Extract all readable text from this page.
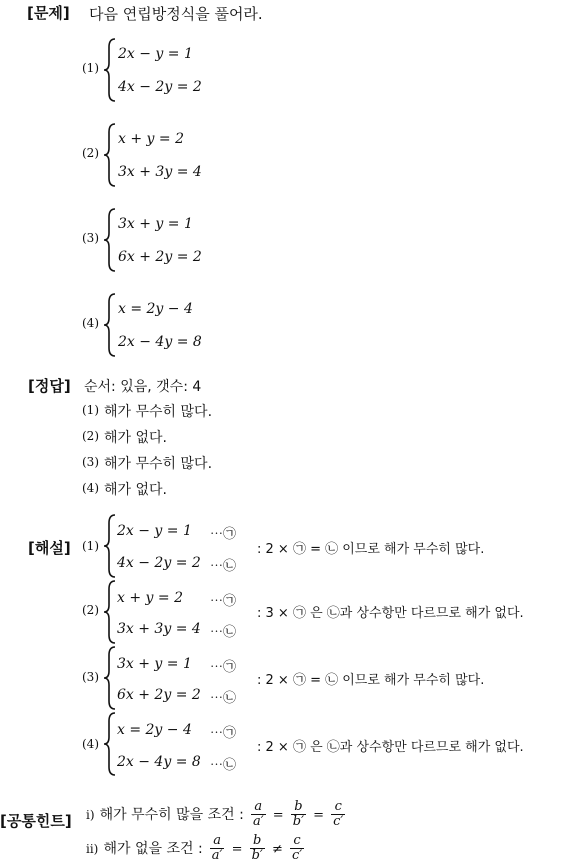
[문제] 다음 연립방정식을 풀어라.
(1)
2x − y = 1
4x − 2y = 2
(2)
x + y = 2
3x + 3y = 4
(3)
3x + y = 1
6x + 2y = 2
(4)
x = 2y − 4
2x − 4y = 8
[정답] 순서: 있음, 갯수: 4
(1) 해가 무수히 많다.
(2) 해가 없다.
(3) 해가 무수히 많다.
(4) 해가 없다.
[해설] (1)
2x − y = 1 ⋯㉠
4x − 2y = 2 ⋯㉡
: 2 × ㉠ = ㉡ 이므로 해가 무수히 많다.
(2)
x + y = 2 ⋯㉠
3x + 3y = 4 ⋯㉡
: 3 × ㉠ 은 ㉡과 상수항만 다르므로 해가 없다.
(3)
3x + y = 1 ⋯㉠
6x + 2y = 2 ⋯㉡
: 2 × ㉠ = ㉡ 이므로 해가 무수히 많다.
(4)
x = 2y − 4 ⋯㉠
2x − 4y = 8 ⋯㉡
: 2 × ㉠ 은 ㉡과 상수항만 다르므로 해가 없다.
[공통힌트] ⅰ) 해가 무수히 많을 조건 : $\frac{a}{a'} = \frac{b}{b'} = \frac{c}{c'}$
ⅱ) 해가 없을 조건 : $\frac{a}{a'} = \frac{b}{b'} \ne \frac{c}{c'}$
